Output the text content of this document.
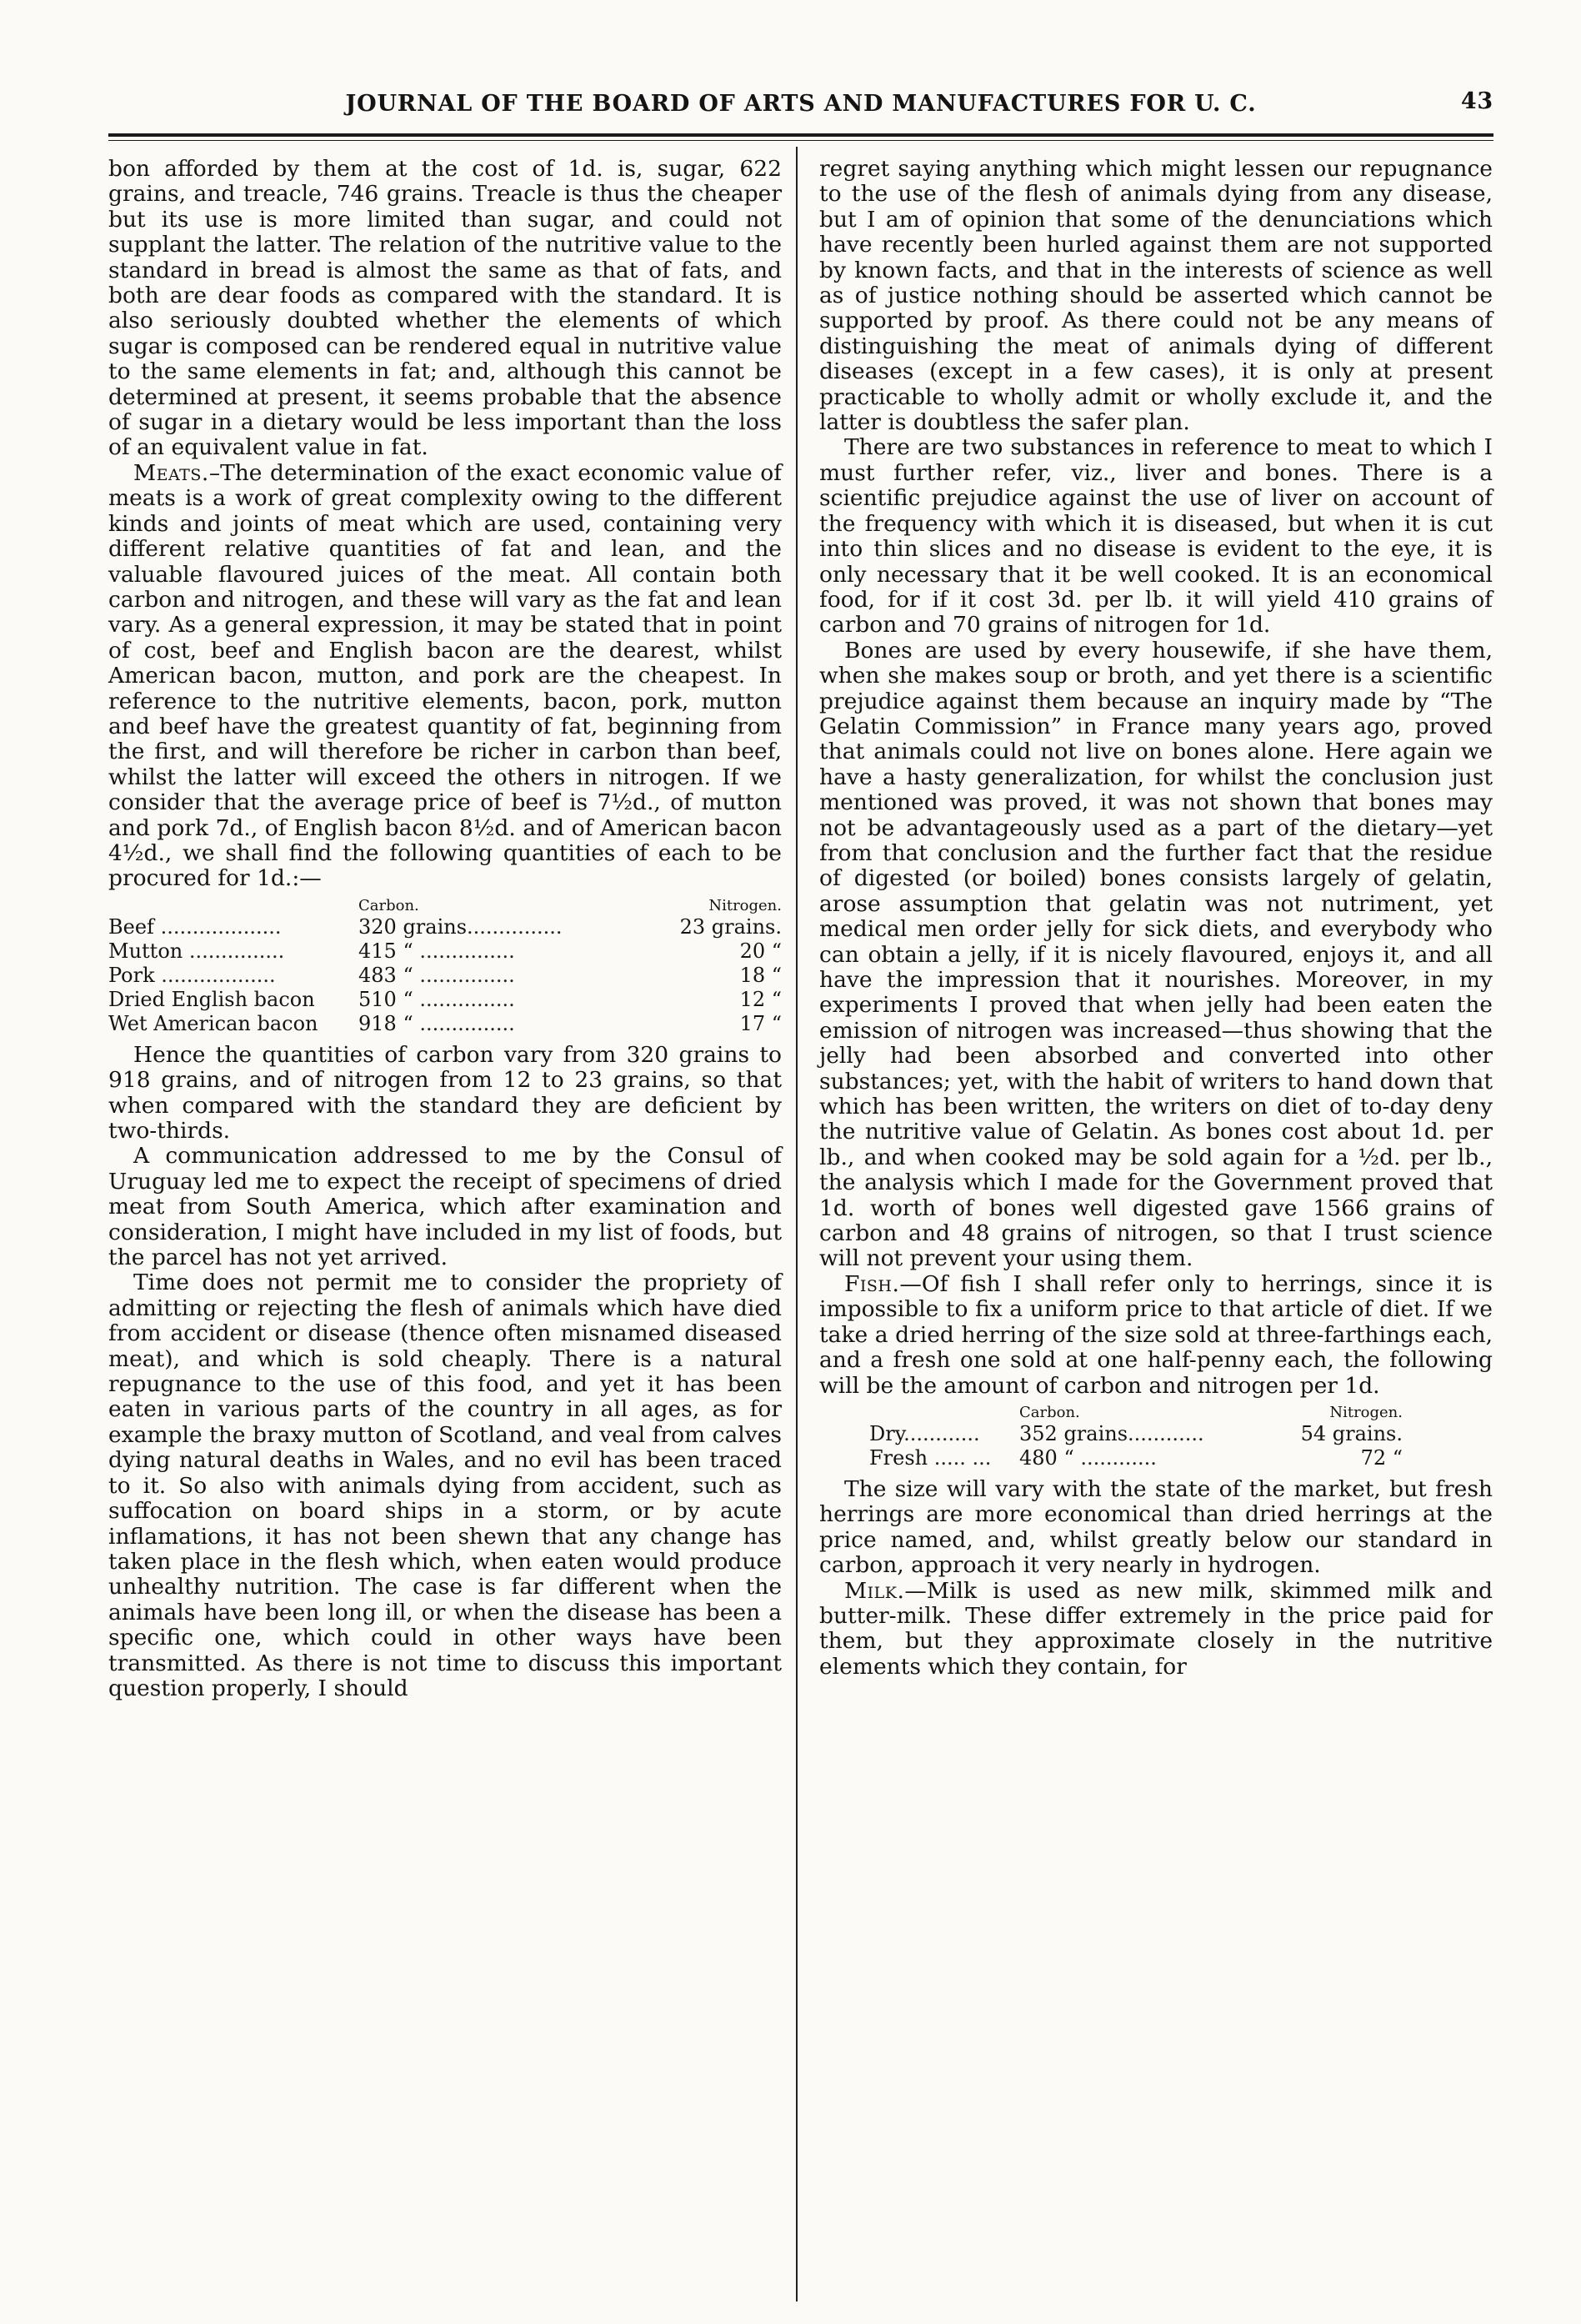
JOURNAL OF THE BOARD OF ARTS AND MANUFACTURES FOR U. C.	43

bon afforded by them at the cost of 1d. is, sugar, 622 grains, and treacle, 746 grains. Treacle is thus the cheaper but its use is more limited than sugar, and could not supplant the latter. The relation of the nutritive value to the standard in bread is almost the same as that of fats, and both are dear foods as compared with the standard. It is also seriously doubted whether the elements of which sugar is composed can be rendered equal in nutritive value to the same elements in fat; and, although this cannot be determined at present, it seems probable that the absence of sugar in a dietary would be less important than the loss of an equivalent value in fat.

Meats.–The determination of the exact economic value of meats is a work of great complexity owing to the different kinds and joints of meat which are used, containing very different relative quantities of fat and lean, and the valuable flavoured juices of the meat. All contain both carbon and nitrogen, and these will vary as the fat and lean vary. As a general expression, it may be stated that in point of cost, beef and English bacon are the dearest, whilst American bacon, mutton, and pork are the cheapest. In reference to the nutritive elements, bacon, pork, mutton and beef have the greatest quantity of fat, beginning from the first, and will therefore be richer in carbon than beef, whilst the latter will exceed the others in nitrogen. If we consider that the average price of beef is 7½d., of mutton and pork 7d., of English bacon 8½d. and of American bacon 4½d., we shall find the following quantities of each to be procured for 1d.:—

	Carbon.	Nitrogen.
Beef ...................	320 grains...............	23 grains.
Mutton ...............	415 “ ...............	20 “
Pork ..................	483 “ ...............	18 “
Dried English bacon	510 “ ...............	12 “
Wet American bacon	918 “ ...............	17 “

Hence the quantities of carbon vary from 320 grains to 918 grains, and of nitrogen from 12 to 23 grains, so that when compared with the standard they are deficient by two-thirds.

A communication addressed to me by the Consul of Uruguay led me to expect the receipt of specimens of dried meat from South America, which after examination and consideration, I might have included in my list of foods, but the parcel has not yet arrived.

Time does not permit me to consider the propriety of admitting or rejecting the flesh of animals which have died from accident or disease (thence often misnamed diseased meat), and which is sold cheaply. There is a natural repugnance to the use of this food, and yet it has been eaten in various parts of the country in all ages, as for example the braxy mutton of Scotland, and veal from calves dying natural deaths in Wales, and no evil has been traced to it. So also with animals dying from accident, such as suffocation on board ships in a storm, or by acute inflamations, it has not been shewn that any change has taken place in the flesh which, when eaten would produce unhealthy nutrition. The case is far different when the animals have been long ill, or when the disease has been a specific one, which could in other ways have been transmitted. As there is not time to discuss this important question properly, I should

regret saying anything which might lessen our repugnance to the use of the flesh of animals dying from any disease, but I am of opinion that some of the denunciations which have recently been hurled against them are not supported by known facts, and that in the interests of science as well as of justice nothing should be asserted which cannot be supported by proof. As there could not be any means of distinguishing the meat of animals dying of different diseases (except in a few cases), it is only at present practicable to wholly admit or wholly exclude it, and the latter is doubtless the safer plan.

There are two substances in reference to meat to which I must further refer, viz., liver and bones. There is a scientific prejudice against the use of liver on account of the frequency with which it is diseased, but when it is cut into thin slices and no disease is evident to the eye, it is only necessary that it be well cooked. It is an economical food, for if it cost 3d. per lb. it will yield 410 grains of carbon and 70 grains of nitrogen for 1d.

Bones are used by every housewife, if she have them, when she makes soup or broth, and yet there is a scientific prejudice against them because an inquiry made by “The Gelatin Commission” in France many years ago, proved that animals could not live on bones alone. Here again we have a hasty generalization, for whilst the conclusion just mentioned was proved, it was not shown that bones may not be advantageously used as a part of the dietary—yet from that conclusion and the further fact that the residue of digested (or boiled) bones consists largely of gelatin, arose assumption that gelatin was not nutriment, yet medical men order jelly for sick diets, and everybody who can obtain a jelly, if it is nicely flavoured, enjoys it, and all have the impression that it nourishes. Moreover, in my experiments I proved that when jelly had been eaten the emission of nitrogen was increased—thus showing that the jelly had been absorbed and converted into other substances; yet, with the habit of writers to hand down that which has been written, the writers on diet of to-day deny the nutritive value of Gelatin. As bones cost about 1d. per lb., and when cooked may be sold again for a ½d. per lb., the analysis which I made for the Government proved that 1d. worth of bones well digested gave 1566 grains of carbon and 48 grains of nitrogen, so that I trust science will not prevent your using them.

Fish.—Of fish I shall refer only to herrings, since it is impossible to fix a uniform price to that article of diet. If we take a dried herring of the size sold at three-farthings each, and a fresh one sold at one half-penny each, the following will be the amount of carbon and nitrogen per 1d.

	Carbon.	Nitrogen.
Dry............	352 grains............	54 grains.
Fresh ..... ...	480 “ ............	72 “

The size will vary with the state of the market, but fresh herrings are more economical than dried herrings at the price named, and, whilst greatly below our standard in carbon, approach it very nearly in hydrogen.

Milk.—Milk is used as new milk, skimmed milk and butter-milk. These differ extremely in the price paid for them, but they approximate closely in the nutritive elements which they contain, for
